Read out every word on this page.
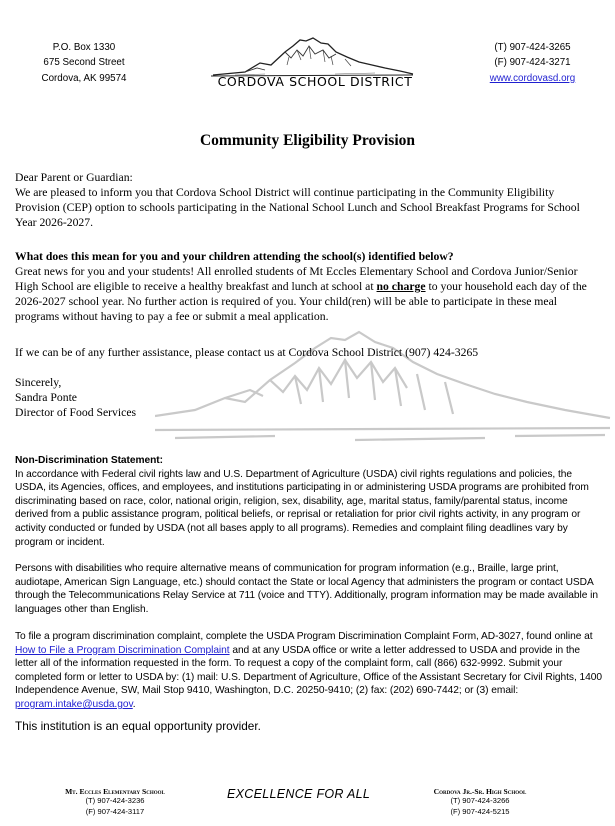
P.O. Box 1330
675 Second Street
Cordova, AK 99574	CORDOVA SCHOOL DISTRICT
(T) 907-424-3265
(F) 907-424-3271
www.cordovasd.org
Community Eligibility Provision

Dear Parent or Guardian:

We are pleased to inform you that Cordova School District will continue participating in the Community Eligibility Provision (CEP) option to schools participating in the National School Lunch and School Breakfast Programs for School Year 2026-2027.

What does this mean for you and your children attending the school(s) identified below?

Great news for you and your students! All enrolled students of Mt Eccles Elementary School and Cordova Junior/Senior High School are eligible to receive a healthy breakfast and lunch at school at no charge to your household each day of the 2026-2027 school year. No further action is required of you. Your child(ren) will be able to participate in these meal programs without having to pay a fee or submit a meal application.

If we can be of any further assistance, please contact us at Cordova School District (907) 424-3265

Sincerely,

Sandra Ponte

Director of Food Services

Non-Discrimination Statement:

In accordance with Federal civil rights law and U.S. Department of Agriculture (USDA) civil rights regulations and policies, the USDA, its Agencies, offices, and employees, and institutions participating in or administering USDA programs are prohibited from discriminating based on race, color, national origin, religion, sex, disability, age, marital status, family/parental status, income derived from a public assistance program, political beliefs, or reprisal or retaliation for prior civil rights activity, in any program or activity conducted or funded by USDA (not all bases apply to all programs). Remedies and complaint filing deadlines vary by program or incident.

Persons with disabilities who require alternative means of communication for program information (e.g., Braille, large print, audiotape, American Sign Language, etc.) should contact the State or local Agency that administers the program or contact USDA through the Telecommunications Relay Service at 711 (voice and TTY). Additionally, program information may be made available in languages other than English.
To file a program discrimination complaint, complete the USDA Program Discrimination Complaint Form, AD-3027, found online at How to File a Program Discrimination Complaint and at any USDA office or write a letter addressed to USDA and provide in the letter all of the information requested in the form. To request a copy of the complaint form, call (866) 632-9992. Submit your completed form or letter to USDA by: (1) mail: U.S. Department of Agriculture, Office of the Assistant Secretary for Civil Rights, 1400 Independence Avenue, SW, Mail Stop 9410, Washington, D.C. 20250-9410; (2) fax: (202) 690-7442; or (3) email: program.intake@usda.gov.
This institution is an equal opportunity provider.
Mt. Eccles Elementary School
(T) 907-424-3236
(F) 907-424-3117
EXCELLENCE FOR ALL	Cordova Jr.-Sr. High School
(T) 907-424-3266
(F) 907-424-5215
